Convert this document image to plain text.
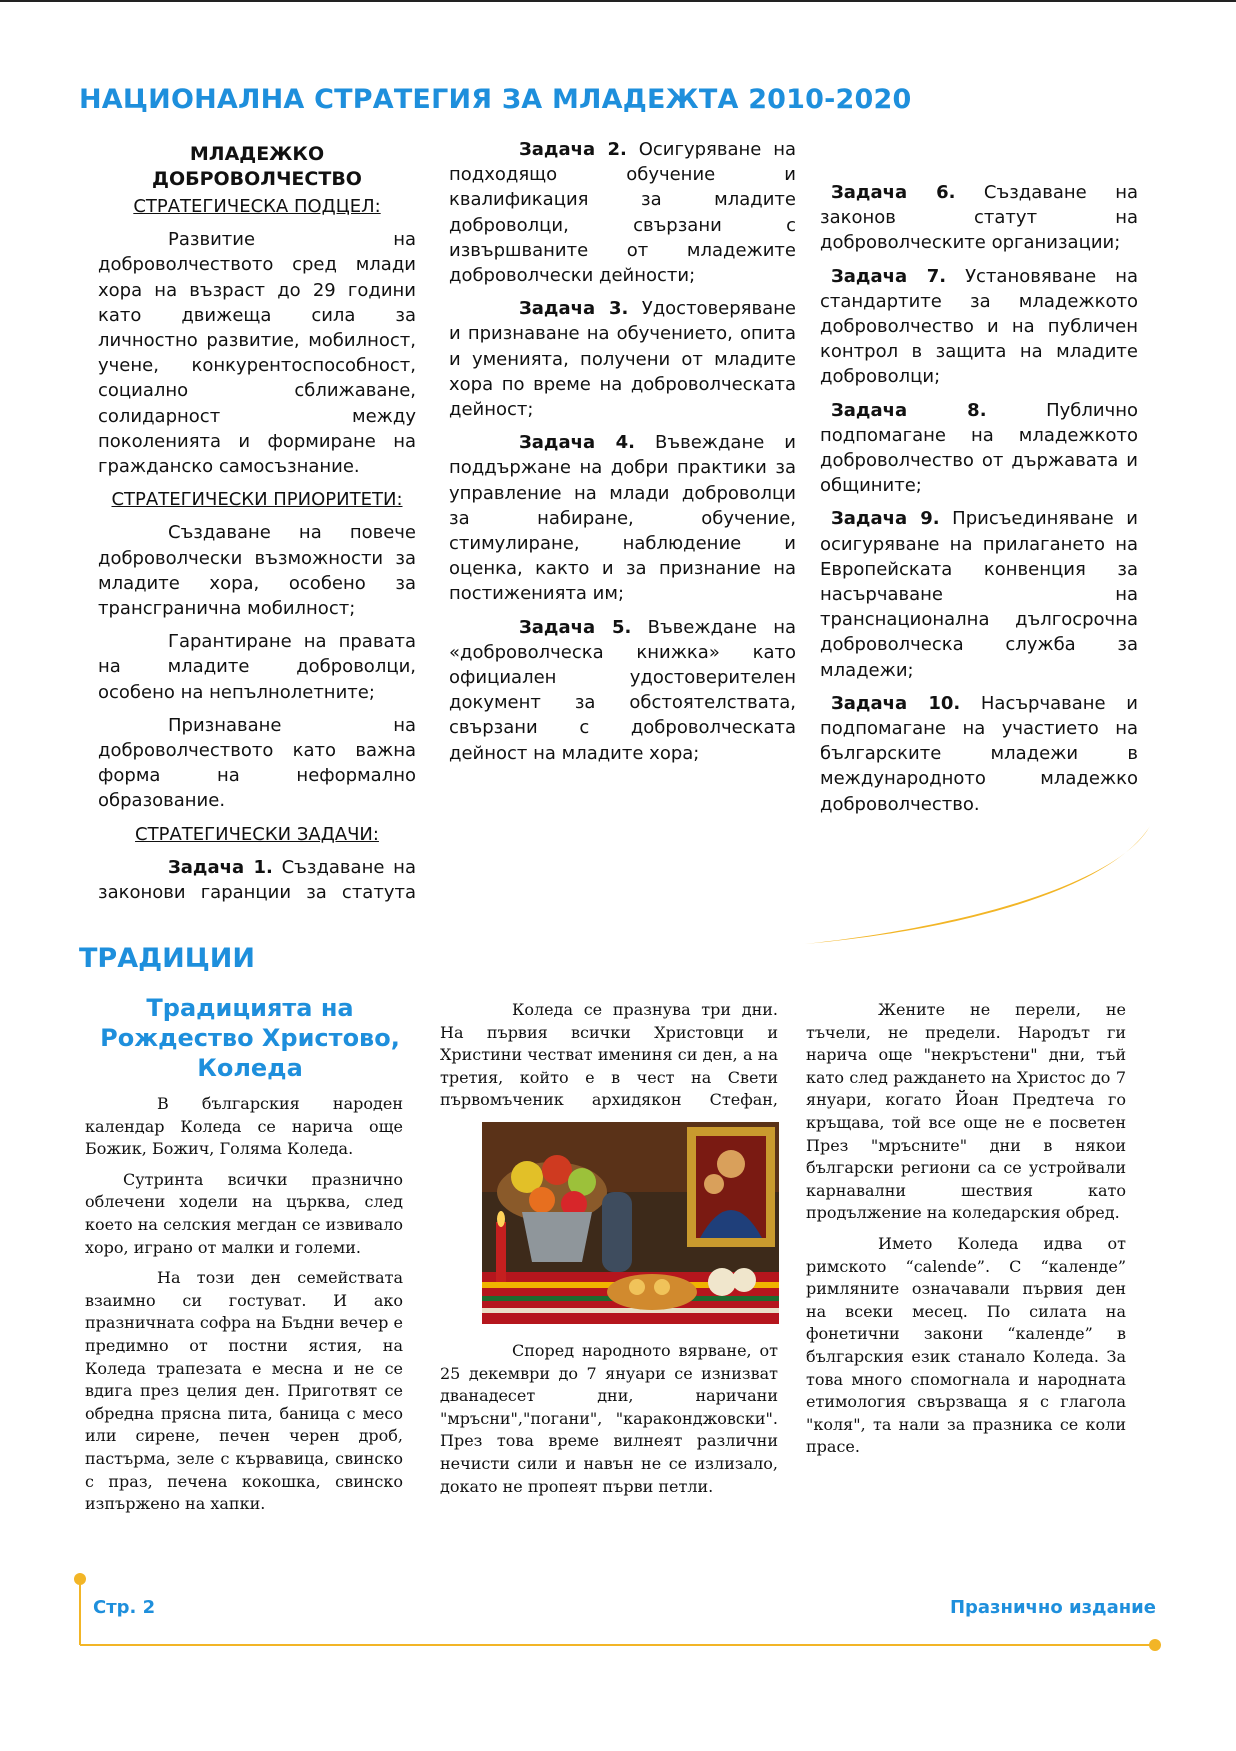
НАЦИОНАЛНА СТРАТЕГИЯ ЗА МЛАДЕЖТА 2010-2020
МЛАДЕЖКО ДОБРОВОЛЧЕСТВО

СТРАТЕГИЧЕСКА ПОДЦЕЛ:

Развитие на доброволчеството сред млади хора на възраст до 29 години като движеща сила за личностно развитие, мобилност, учене, конкурентоспособност, социално сближаване, солидарност между поколенията и формиране на гражданско самосъзнание.

СТРАТЕГИЧЕСКИ ПРИОРИТЕТИ:

Създаване на повече доброволчески възможности за младите хора, особено за трансгранична мобилност;

Гарантиране на правата на младите доброволци, особено на непълнолетните;

Признаване на доброволчеството като важна форма на неформално образование.

СТРАТЕГИЧЕСКИ ЗАДАЧИ:

Задача 1. Създаване на законови гаранции за статута

Задача 2. Осигуряване на подходящо обучение и квалификация за младите доброволци, свързани с извършваните от младежите доброволчески дейности;

Задача 3. Удостоверяване и признаване на обучението, опита и уменията, получени от младите хора по време на доброволческата дейност;

Задача 4. Въвеждане и поддържане на добри практики за управление на млади доброволци за набиране, обучение, стимулиране, наблюдение и оценка, както и за признание на постиженията им;

Задача 5. Въвеждане на «доброволческа книжка» като официален удостоверителен документ за обстоятелствата, свързани с доброволческата дейност на младите хора;

Задача 6. Създаване на законов статут на доброволческите организации;

Задача 7. Установяване на стандартите за младежкото доброволчество и на публичен контрол в защита на младите доброволци;

Задача 8. Публично подпомагане на младежкото доброволчество от държавата и общините;

Задача 9. Присъединяване и осигуряване на прилагането на Европейската конвенция за насърчаване на транснационална дългосрочна доброволческа служба за младежи;

Задача 10. Насърчаване и подпомагане на участието на българските младежи в международното младежко доброволчество.

ТРАДИЦИИ
Традицията на Рождество Христово, Коледа

В българския народен календар Коледа се нарича още Божик, Божич, Голяма Коледа.

Сутринта всички празнично облечени ходели на църква, след което на селския мегдан се извивало хоро, играно от малки и големи.

На този ден семействата взаимно си гостуват. И ако празничната софра на Бъдни вечер е предимно от постни ястия, на Коледа трапезата е месна и не се вдига през целия ден. Приготвят се обредна прясна пита, баница с месо или сирене, печен черен дроб, пастърма, зеле с кървавица, свинско с праз, печена кокошка, свинско изпържено на хапки.

Коледа се празнува три дни. На първия всички Христовци и Христини честват имениня си ден, а на третия, който е в чест на Свети първомъченик архидякон Стефан,

Според народното вярване, от 25 декември до 7 януари се изнизват дванадесет дни, наричани "мръсни","погани", "караконджовски". През това време вилнеят различни нечисти сили и навън не се излизало, докато не пропеят първи петли.

Жените не перели, не тъчели, не предели. Народът ги нарича още "некръстени" дни, тъй като след раждането на Христос до 7 януари, когато Йоан Предтеча го кръщава, той все още не е посветен През "мръсните" дни в някои български региони са се устройвали карнавални шествия като продължение на коледарския обред.

Името Коледа идва от римското “calende”. С “календе” римляните означавали първия ден на всеки месец. По силата на фонетични закони “календе” в българския език станало Коледа. За това много спомогнала и народната етимология свързваща я с глагола "коля", та нали за празника се коли прасе.

Стр. 2	Празнично издание
